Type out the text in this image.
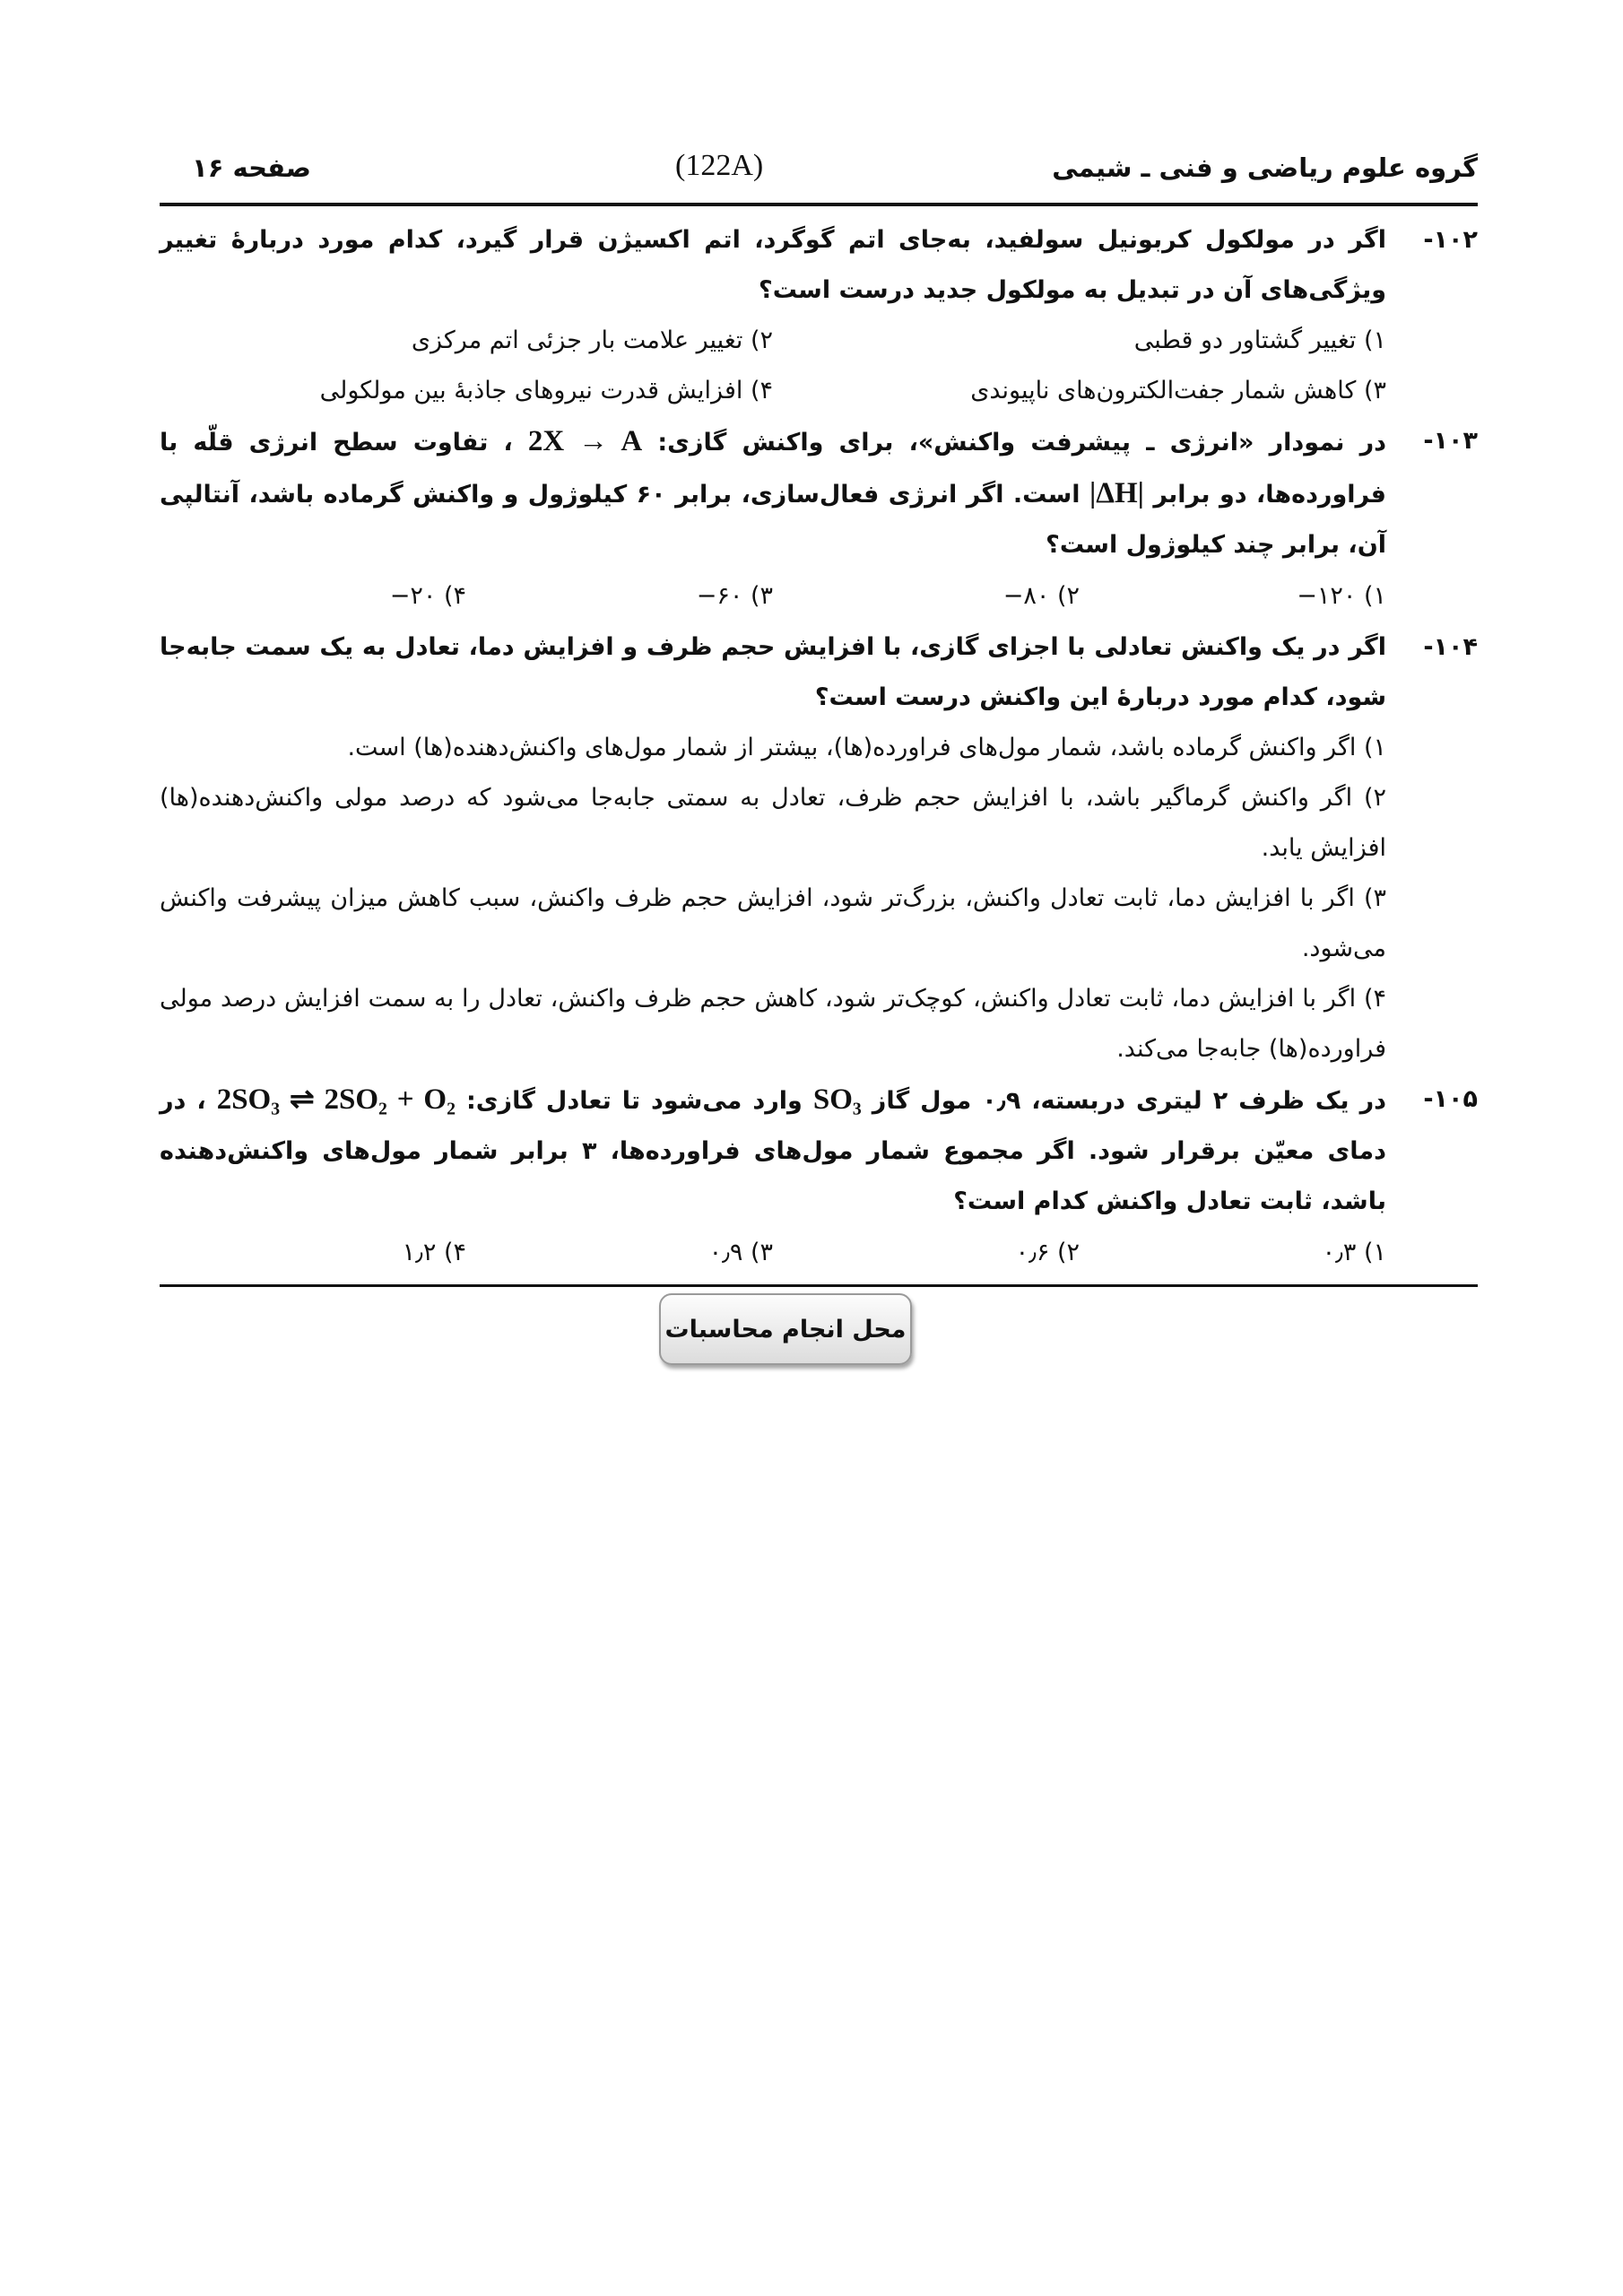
گروه علوم ریاضی و فنی ـ شیمی
(122A)
صفحه ۱۶
۱۰۲-
اگر در مولکول کربونیل سولفید، به‌جای اتم گوگرد، اتم اکسیژن قرار گیرد، کدام مورد دربارهٔ تغییر ویژگی‌های آن در تبدیل به مولکول جدید درست است؟
۱) تغییر گشتاور دو قطبی
۲) تغییر علامت بار جزئی اتم مرکزی
۳) کاهش شمار جفت‌الکترون‌های ناپیوندی
۴) افزایش قدرت نیروهای جاذبهٔ بین مولکولی
۱۰۳-
در نمودار «انرژی ـ پیشرفت واکنش»، برای واکنش گازی: 2X → A ، تفاوت سطح انرژی قلّه با فراورده‌ها، دو برابر |ΔH| است. اگر انرژی فعال‌سازی، برابر ۶۰ کیلوژول و واکنش گرماده باشد، آنتالپی آن، برابر چند کیلوژول است؟
۱) ۱۲۰−
۲) ۸۰−
۳) ۶۰−
۴) ۲۰−
۱۰۴-
اگر در یک واکنش تعادلی با اجزای گازی، با افزایش حجم ظرف و افزایش دما، تعادل به یک سمت جابه‌جا شود، کدام مورد دربارهٔ این واکنش درست است؟
۱) اگر واکنش گرماده باشد، شمار مول‌های فراورده(ها)، بیشتر از شمار مول‌های واکنش‌دهنده(ها) است.
۲) اگر واکنش گرماگیر باشد، با افزایش حجم ظرف، تعادل به سمتی جابه‌جا می‌شود که درصد مولی واکنش‌دهنده(ها) افزایش یابد.
۳) اگر با افزایش دما، ثابت تعادل واکنش، بزرگ‌تر شود، افزایش حجم ظرف واکنش، سبب کاهش میزان پیشرفت واکنش می‌شود.
۴) اگر با افزایش دما، ثابت تعادل واکنش، کوچک‌تر شود، کاهش حجم ظرف واکنش، تعادل را به سمت افزایش درصد مولی فراورده(ها) جابه‌جا می‌کند.
۱۰۵-
در یک ظرف ۲ لیتری دربسته، ۰٫۹ مول گاز SO₃ وارد می‌شود تا تعادل گازی: 2SO₃ ⇌ 2SO₂ + O₂ ، در دمای معیّن برقرار شود. اگر مجموع شمار مول‌های فراورده‌ها، ۳ برابر شمار مول‌های واکنش‌دهنده باشد، ثابت تعادل واکنش کدام است؟
۱) ۰٫۳
۲) ۰٫۶
۳) ۰٫۹
۴) ۱٫۲
محل انجام محاسبات
